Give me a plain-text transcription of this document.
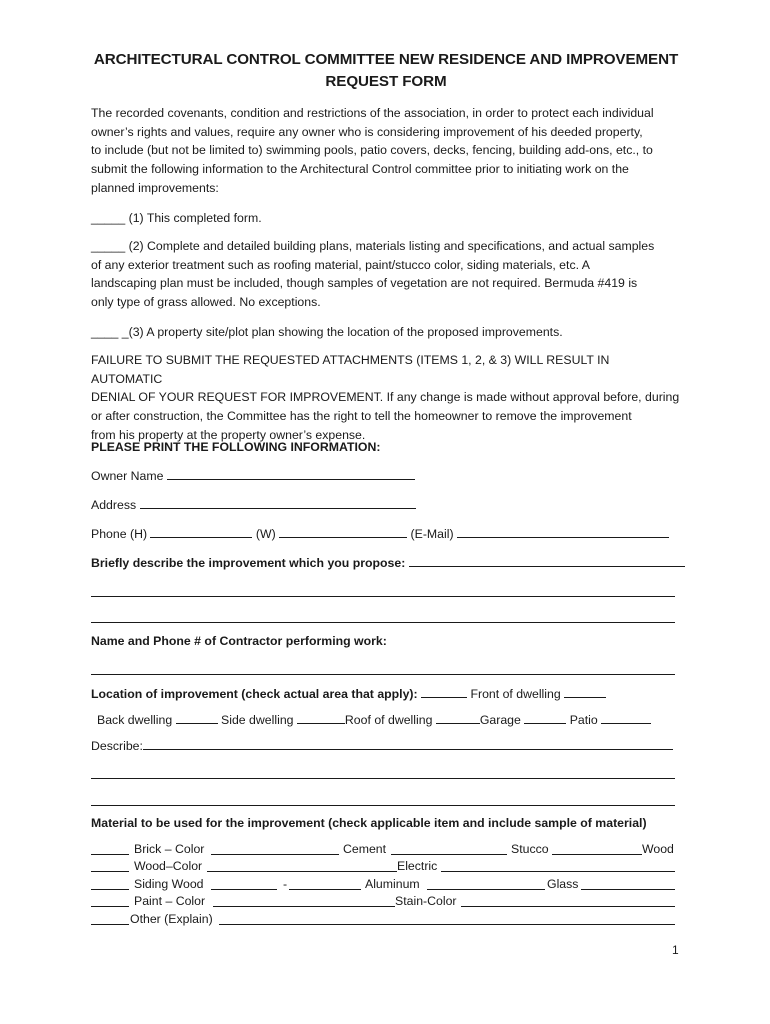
ARCHITECTURAL CONTROL COMMITTEE NEW RESIDENCE AND IMPROVEMENT
REQUEST FORM
The recorded covenants, condition and restrictions of the association, in order to protect each individual
owner’s rights and values, require any owner who is considering improvement of his deeded property,
to include (but not be limited to) swimming pools, patio covers, decks, fencing, building add-ons, etc., to
submit the following information to the Architectural Control committee prior to initiating work on the
planned improvements:
_____ (1) This completed form.
_____ (2) Complete and detailed building plans, materials listing and specifications, and actual samples
of any exterior treatment such as roofing material, paint/stucco color, siding materials, etc. A
landscaping plan must be included, though samples of vegetation are not required. Bermuda #419 is
only type of grass allowed. No exceptions.
____ _(3) A property site/plot plan showing the location of the proposed improvements.
FAILURE TO SUBMIT THE REQUESTED ATTACHMENTS (ITEMS 1, 2, & 3) WILL RESULT IN AUTOMATIC
DENIAL OF YOUR REQUEST FOR IMPROVEMENT. If any change is made without approval before, during
or after construction, the Committee has the right to tell the homeowner to remove the improvement
from his property at the property owner’s expense.
PLEASE PRINT THE FOLLOWING INFORMATION:
Owner Name
Address
Phone (H)	(W)	(E-Mail)
Briefly describe the improvement which you propose:
Name and Phone # of Contractor performing work:
Location of improvement (check actual area that apply):	Front of dwelling
Back dwelling	Side dwelling	Roof of dwelling	Garage	Patio
Describe:
Material to be used for the improvement (check applicable item and include sample of material)
Brick – Color	Cement	Stucco	Wood
Wood–Color	Electric
Siding Wood	-	Aluminum	Glass
Paint – Color	Stain-Color
Other (Explain)
1
